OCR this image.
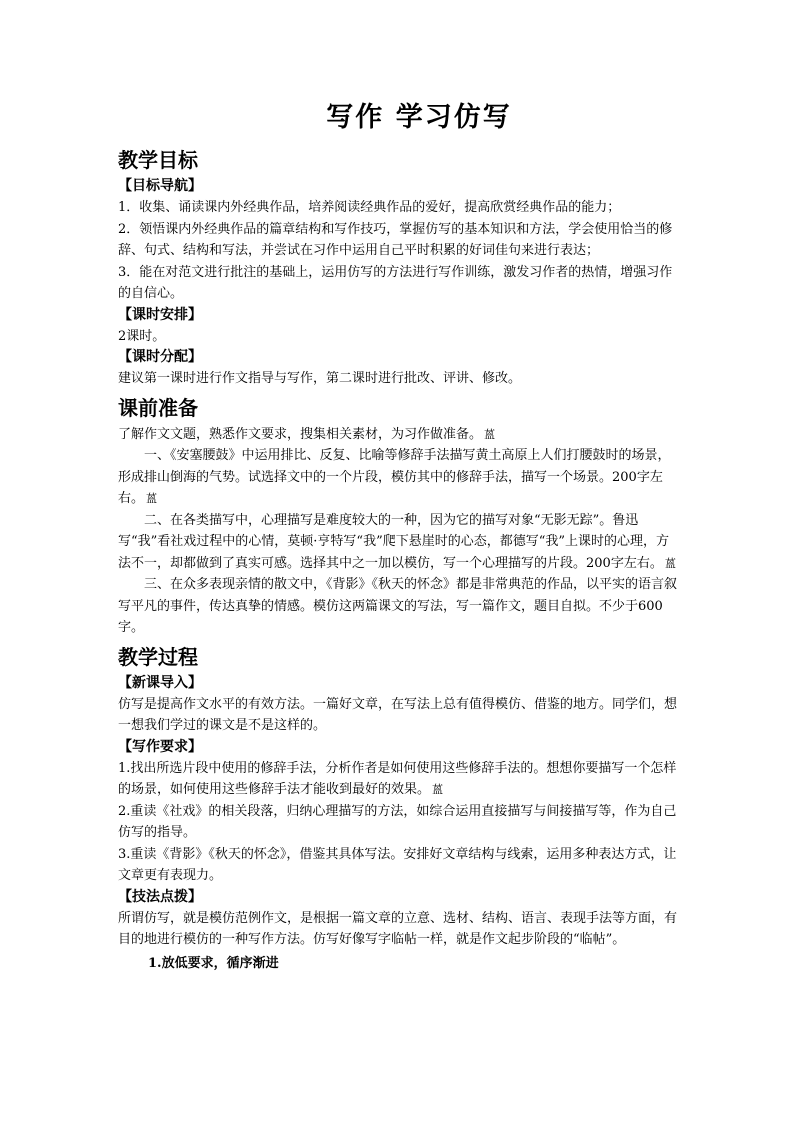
写作 学习仿写
教学目标
【目标导航】

1．收集、诵读课内外经典作品，培养阅读经典作品的爱好，提高欣赏经典作品的能力；

2．领悟课内外经典作品的篇章结构和写作技巧，掌握仿写的基本知识和方法，学会使用恰当的修辞、句式、结构和写法，并尝试在习作中运用自己平时积累的好词佳句来进行表达；

3．能在对范文进行批注的基础上，运用仿写的方法进行写作训练，激发习作者的热情，增强习作的自信心。

【课时安排】

2课时。

【课时分配】

建议第一课时进行作文指导与写作，第二课时进行批改、评讲、修改。

课前准备

了解作文文题，熟悉作文要求，搜集相关素材，为习作做准备。 蒕

一、《安塞腰鼓》中运用排比、反复、比喻等修辞手法描写黄土高原上人们打腰鼓时的场景，形成排山倒海的气势。试选择文中的一个片段，模仿其中的修辞手法，描写一个场景。200字左右。 蒕

二、在各类描写中，心理描写是难度较大的一种，因为它的描写对象“无影无踪”。鲁迅写“我”看社戏过程中的心情，莫顿·亨特写“我”爬下悬崖时的心态，都德写“我”上课时的心理，方法不一，却都做到了真实可感。选择其中之一加以模仿，写一个心理描写的片段。200字左右。 蒕

三、在众多表现亲情的散文中，《背影》《秋天的怀念》都是非常典范的作品，以平实的语言叙写平凡的事件，传达真挚的情感。模仿这两篇课文的写法，写一篇作文，题目自拟。不少于600字。

教学过程
【新课导入】

仿写是提高作文水平的有效方法。一篇好文章，在写法上总有值得模仿、借鉴的地方。同学们，想一想我们学过的课文是不是这样的。

【写作要求】

1.找出所选片段中使用的修辞手法，分析作者是如何使用这些修辞手法的。想想你要描写一个怎样的场景，如何使用这些修辞手法才能收到最好的效果。 蒕

2.重读《社戏》的相关段落，归纳心理描写的方法，如综合运用直接描写与间接描写等，作为自己仿写的指导。

3.重读《背影》《秋天的怀念》，借鉴其具体写法。安排好文章结构与线索，运用多种表达方式，让文章更有表现力。

【技法点拨】

所谓仿写，就是模仿范例作文，是根据一篇文章的立意、选材、结构、语言、表现手法等方面，有目的地进行模仿的一种写作方法。仿写好像写字临帖一样，就是作文起步阶段的“临帖”。

1.放低要求，循序渐进
